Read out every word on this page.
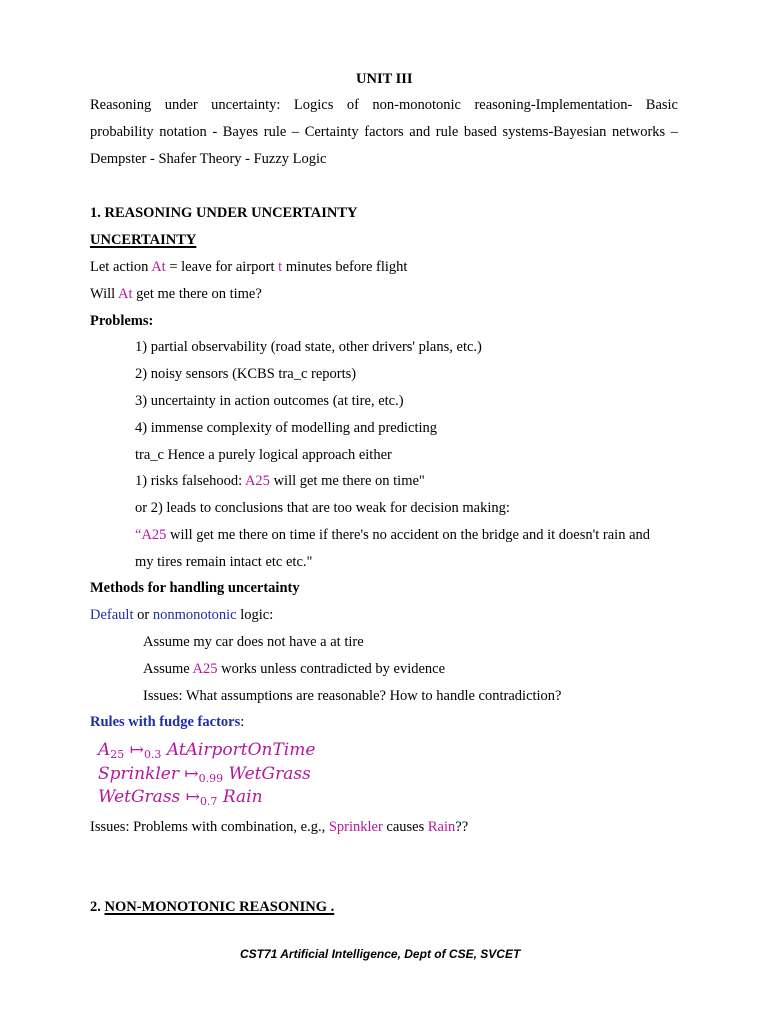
UNIT III
Reasoning under uncertainty: Logics of non-monotonic reasoning-Implementation- Basic
probability notation - Bayes rule – Certainty factors and rule based systems-Bayesian networks –
Dempster - Shafer Theory - Fuzzy Logic
1. REASONING UNDER UNCERTAINTY
UNCERTAINTY
Let action At = leave for airport t minutes before flight
Will At get me there on time?
Problems:
1) partial observability (road state, other drivers' plans, etc.)
2) noisy sensors (KCBS tra_c reports)
3) uncertainty in action outcomes (at tire, etc.)
4) immense complexity of modelling and predicting
tra_c Hence a purely logical approach either
1) risks falsehood: A25 will get me there on time"
or 2) leads to conclusions that are too weak for decision making:
“A25 will get me there on time if there's no accident on the bridge and it doesn't rain and
my tires remain intact etc etc."
Methods for handling uncertainty
Default or nonmonotonic logic:
Assume my car does not have a at tire
Assume A25 works unless contradicted by evidence
Issues: What assumptions are reasonable? How to handle contradiction?
Rules with fudge factors:
$A_{25}$ $↦_{0.3}$ AtAirportOnTime
Sprinkler $↦_{0.99}$ WetGrass
WetGrass $↦_{0.7}$ Rain
Issues: Problems with combination, e.g., Sprinkler causes Rain??
2. NON-MONOTONIC REASONING .
CST71 Artificial Intelligence, Dept of CSE, SVCET
